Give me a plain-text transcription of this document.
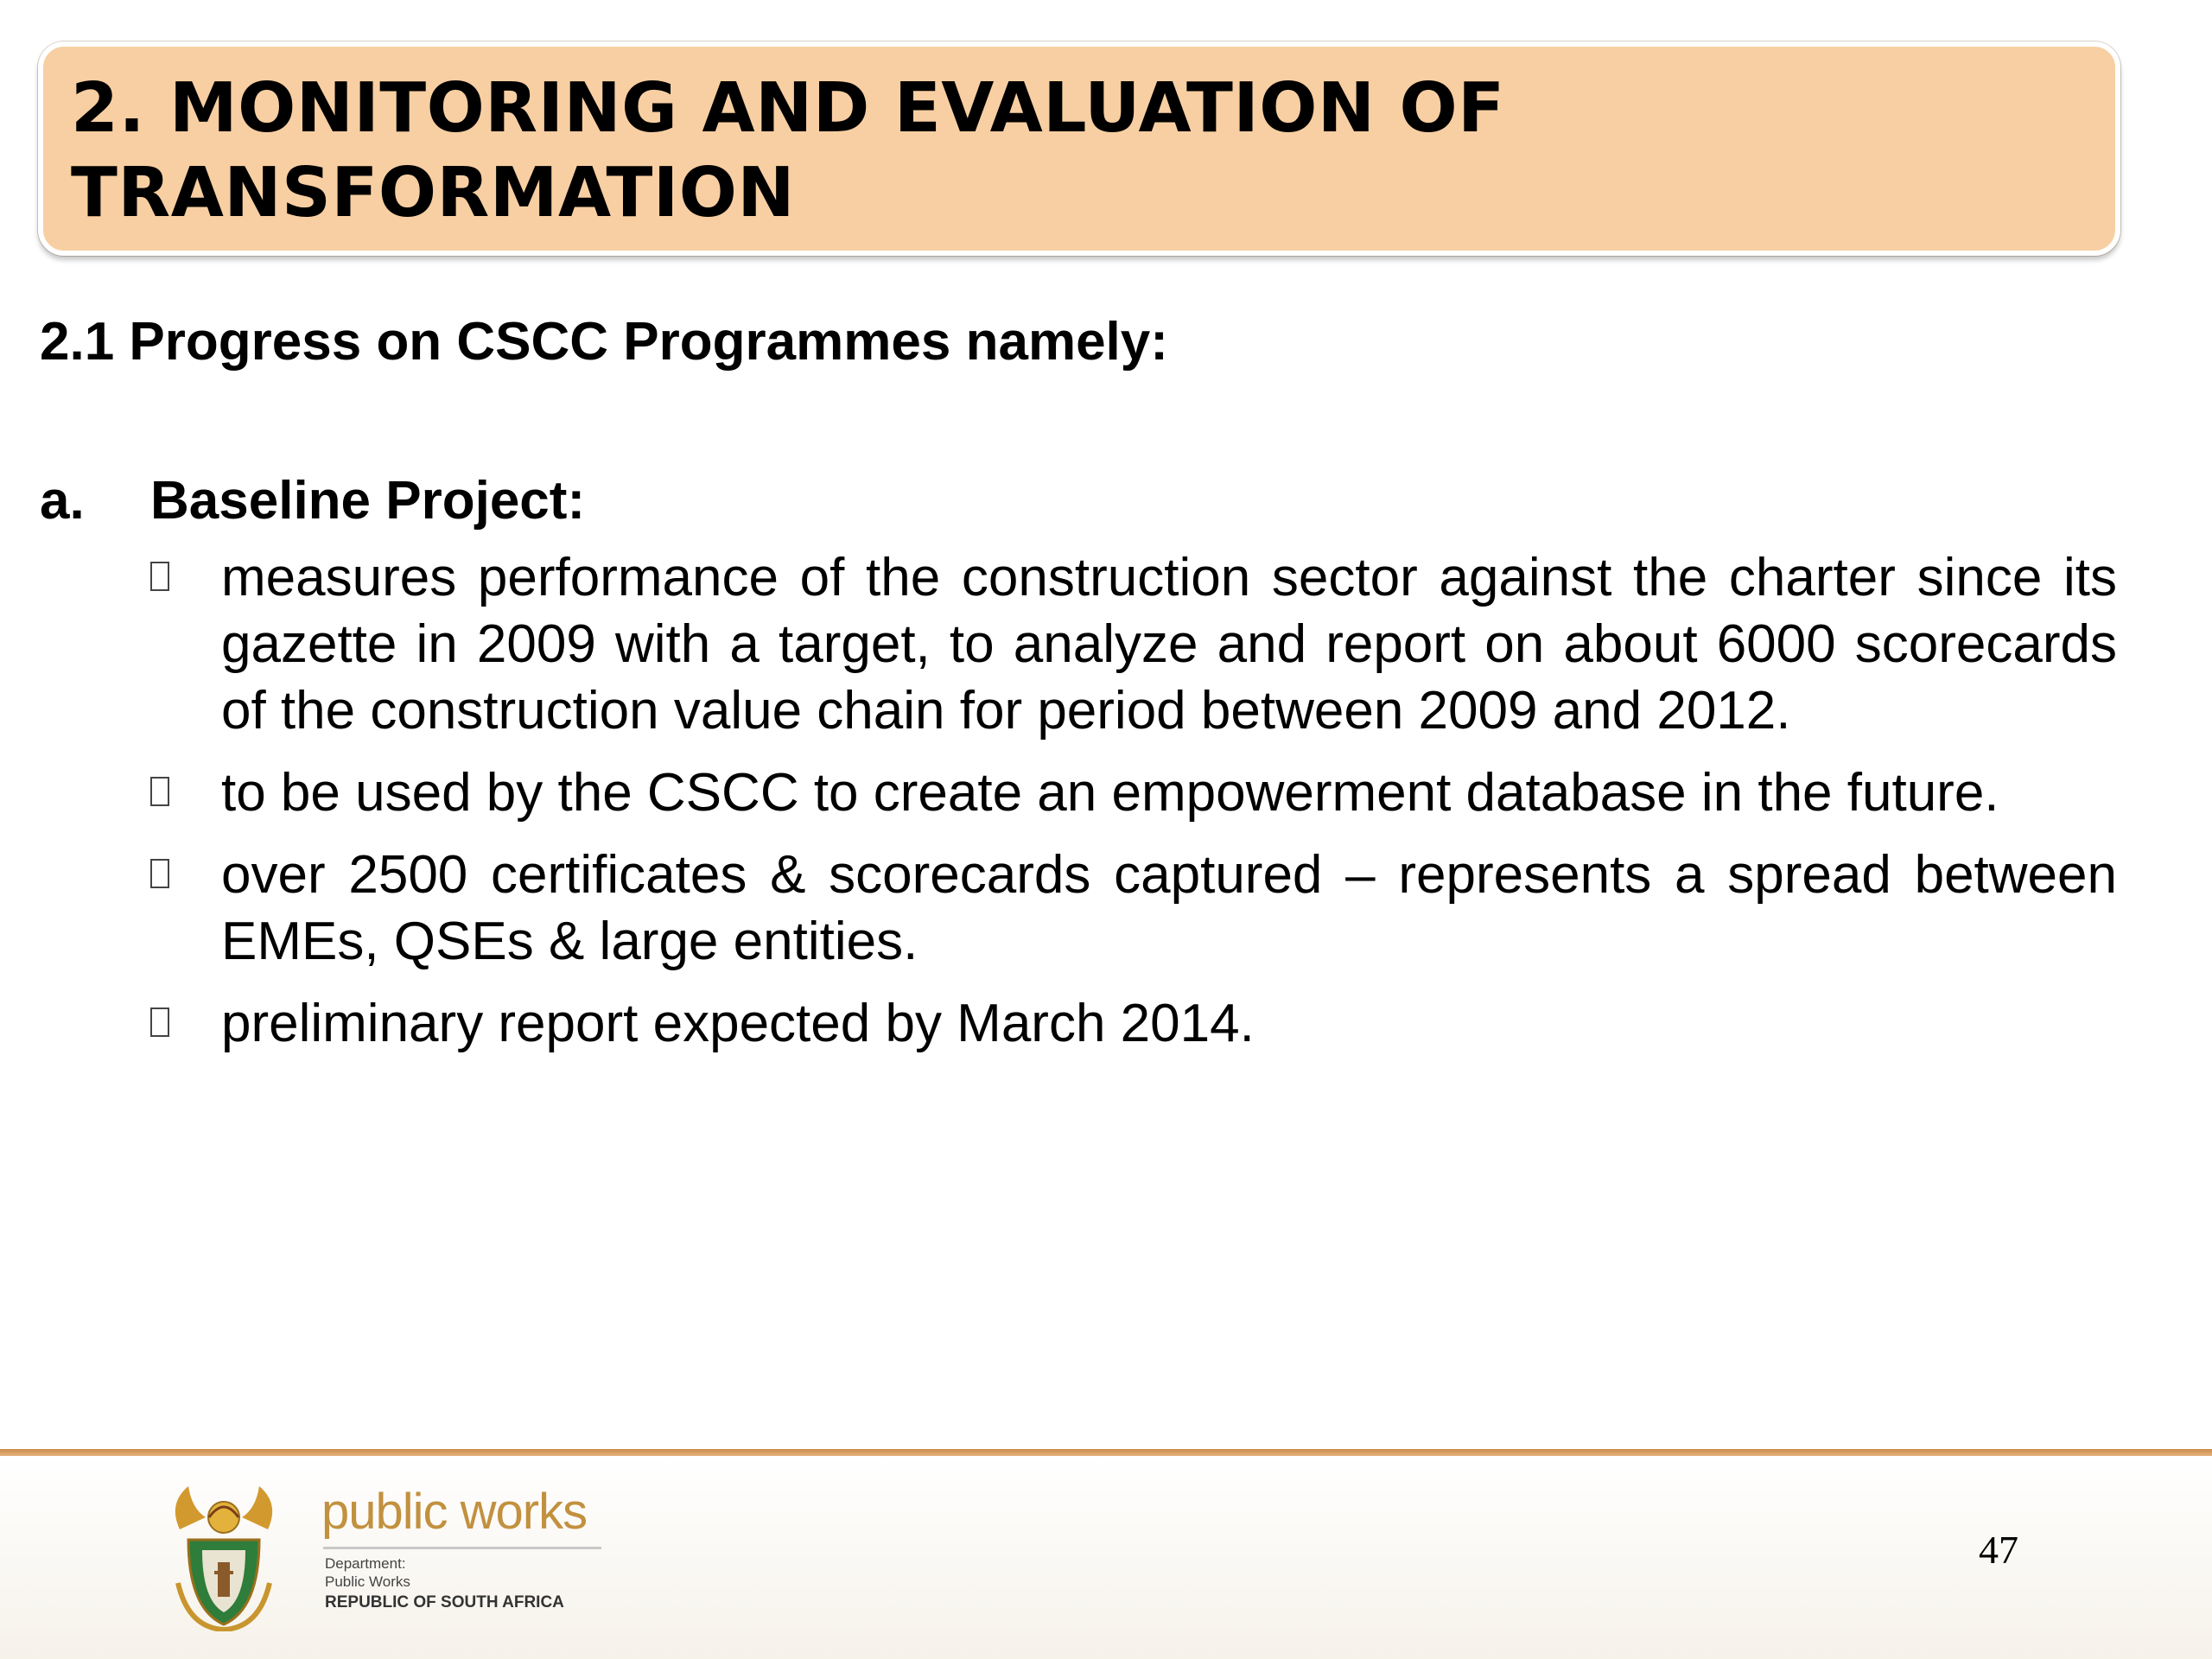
2. MONITORING AND EVALUATION OF
TRANSFORMATION
2.1 Progress on CSCC Programmes namely:
a. Baseline Project:
measures performance of the construction sector against the charter since its gazette in 2009 with a target, to analyze and report on about 6000 scorecards of the construction value chain for period between 2009 and 2012.
to be used by the CSCC to create an empowerment database in the future.
over 2500 certificates & scorecards captured – represents a spread between EMEs, QSEs & large entities.
preliminary report expected by March 2014.
public works
Department:
Public Works
REPUBLIC OF SOUTH AFRICA
47
